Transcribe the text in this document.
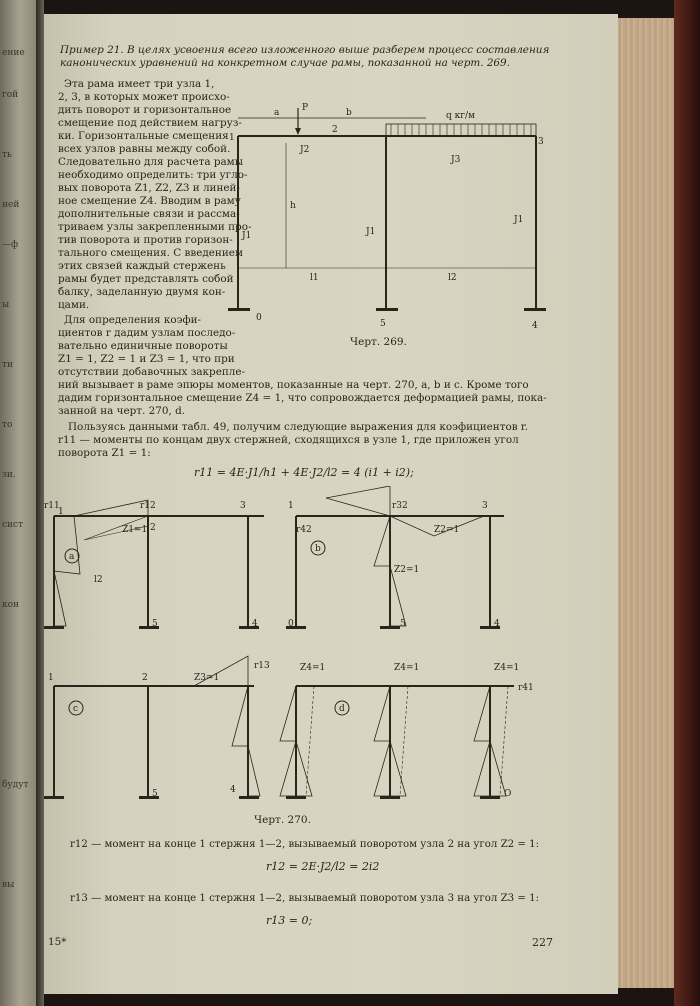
ение
гой
ть
ней
—ф
ы
ти
то
зи.
сист
кон
будут
вы
Пример 21. В целях усвоения всего изложенного выше разберем процесс составления канонических уравнений на конкретном случае рамы, показанной на черт. 269.

Эта рама имеет три узла 1,

2, 3, в которых может происхо-

дить поворот и горизонтальное

смещение под действием нагруз-

ки. Горизонтальные смещения

всех узлов равны между собой.

Следовательно для расчета рамы

необходимо определить: три угло-

вых поворота Z1, Z2, Z3 и линей-

ное смещение Z4. Вводим в раму

дополнительные связи и рассма-

триваем узлы закрепленными про-

тив поворота и против горизон-

тального смещения. С введением

этих связей каждый стержень

рамы будет представлять собой

балку, заделанную двумя кон-

цами.

Для определения коэфи-

циентов r дадим узлам последо-

вательно единичные повороты

Z1 = 1, Z2 = 1 и Z3 = 1, что при

a	P	b	q кг/м
1
2
3
J2
J3
J1	J1
J1
h
l1	l2
0
5	4
Черт. 269.

отсутствии добавочных закрепле-

ний вызывает в раме эпюры моментов, показанные на черт. 270, a, b и c. Кроме того

дадим горизонтальное смещение Z4 = 1, что сопровождается деформацией рамы, пока-

занной на черт. 270, d.

Пользуясь данными табл. 49, получим следующие выражения для коэфициентов r.

r11 — моменты по концам двух стержней, сходящихся в узле 1, где приложен угол

поворота Z1 = 1:

r11 = 4E·J1/h1 + 4E·J2/l2 = 4 (i1 + i2);
a
r11	r12
Z1=1
l2
3
1
2
5	4
b
r32
Z2=1
Z2=1
r42
1	3
0	5	4
c
Z3=1
r13
1	2
5	4
d
Z4=1	Z4=1	Z4=1
r41
O
Черт. 270.

r12 — момент на конце 1 стержня 1—2, вызываемый поворотом узла 2 на угол Z2 = 1:

r12 = 2E·J2/l2 = 2i2

r13 — момент на конце 1 стержня 1—2, вызываемый поворотом узла 3 на угол Z3 = 1:

r13 = 0;
15*	227
